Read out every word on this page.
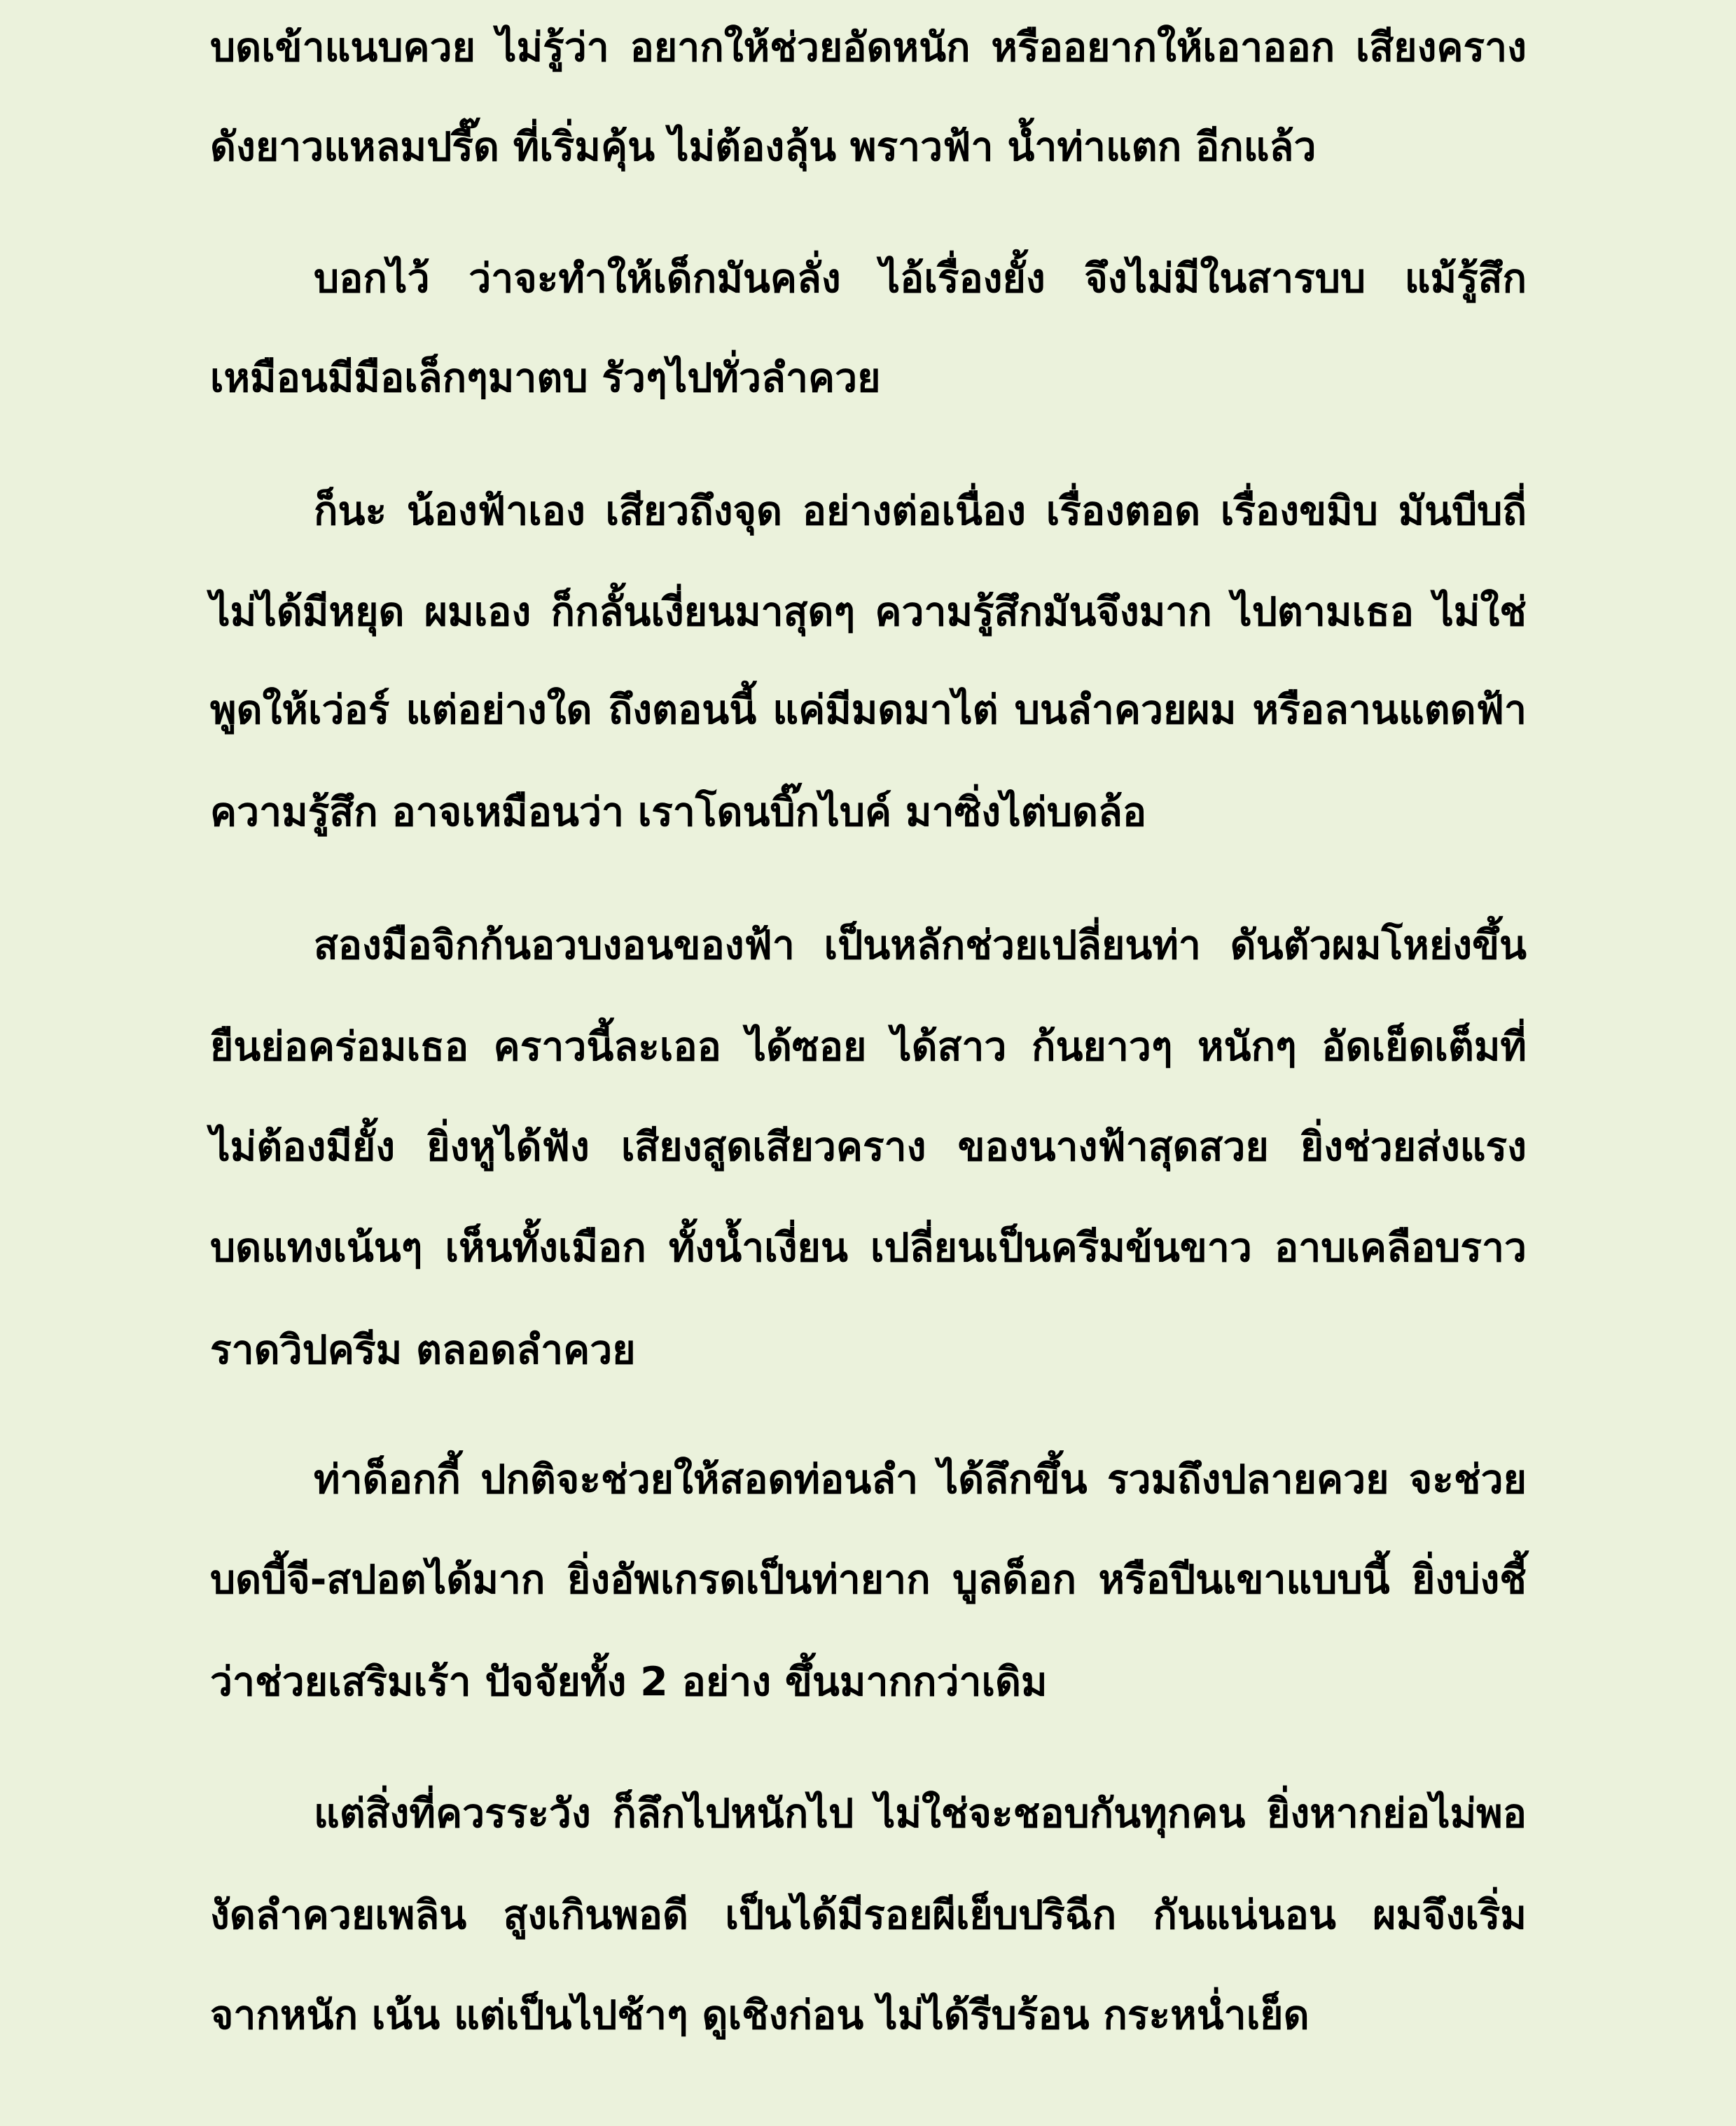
บดเข้าแนบควย ไม่รู้ว่า อยากให้ช่วยอัดหนัก หรืออยากให้เอาออก เสียงคราง
ดังยาวแหลมปรี๊ด ที่เริ่มคุ้น ไม่ต้องลุ้น พราวฟ้า น้ำท่าแตก อีกแล้ว
บอกไว้ ว่าจะทำให้เด็กมันคลั่ง ไอ้เรื่องยั้ง จึงไม่มีในสารบบ แม้รู้สึก
เหมือนมีมือเล็กๆมาตบ รัวๆไปทั่วลำควย
ก็นะ น้องฟ้าเอง เสียวถึงจุด อย่างต่อเนื่อง เรื่องตอด เรื่องขมิบ มันบีบถี่
ไม่ได้มีหยุด ผมเอง ก็กลั้นเงี่ยนมาสุดๆ ความรู้สึกมันจึงมาก ไปตามเธอ ไม่ใช่
พูดให้เว่อร์ แต่อย่างใด ถึงตอนนี้ แค่มีมดมาไต่ บนลำควยผม หรือลานแตดฟ้า
ความรู้สึก อาจเหมือนว่า เราโดนบิ๊กไบค์ มาซิ่งไต่บดล้อ
สองมือจิกก้นอวบงอนของฟ้า เป็นหลักช่วยเปลี่ยนท่า ดันตัวผมโหย่งขึ้น
ยืนย่อคร่อมเธอ คราวนี้ละเออ ได้ซอย ได้สาว ก้นยาวๆ หนักๆ อัดเย็ดเต็มที่
ไม่ต้องมียั้ง ยิ่งหูได้ฟัง เสียงสูดเสียวคราง ของนางฟ้าสุดสวย ยิ่งช่วยส่งแรง
บดแทงเน้นๆ เห็นทั้งเมือก ทั้งน้ำเงี่ยน เปลี่ยนเป็นครีมข้นขาว อาบเคลือบราว
ราดวิปครีม ตลอดลำควย
ท่าด็อกกี้ ปกติจะช่วยให้สอดท่อนลำ ได้ลึกขึ้น รวมถึงปลายควย จะช่วย
บดบี้จี-สปอตได้มาก ยิ่งอัพเกรดเป็นท่ายาก บูลด็อก หรือปีนเขาแบบนี้ ยิ่งบ่งชี้
ว่าช่วยเสริมเร้า ปัจจัยทั้ง 2 อย่าง ขึ้นมากกว่าเดิม
แต่สิ่งที่ควรระวัง ก็ลึกไปหนักไป ไม่ใช่จะชอบกันทุกคน ยิ่งหากย่อไม่พอ
งัดลำควยเพลิน สูงเกินพอดี เป็นได้มีรอยผีเย็บปริฉีก กันแน่นอน ผมจึงเริ่ม
จากหนัก เน้น แต่เป็นไปช้าๆ ดูเชิงก่อน ไม่ได้รีบร้อน กระหน่ำเย็ด
